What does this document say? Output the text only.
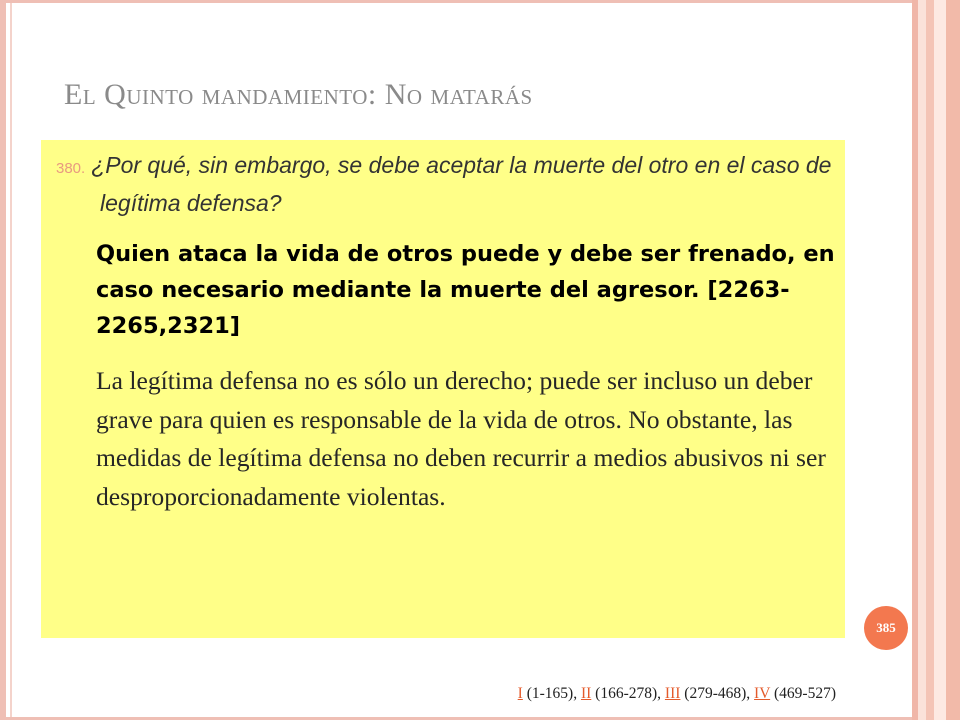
El Quinto mandamiento: No matarás

380. ¿Por qué, sin embargo, se debe aceptar la muerte del otro en el caso de legítima defensa?

Quien ataca la vida de otros puede y debe ser frenado, en caso necesario mediante la muerte del agresor. [2263-2265,2321]

La legítima defensa no es sólo un derecho; puede ser incluso un deber grave para quien es responsable de la vida de otros. No obstante, las medidas de legítima defensa no deben recurrir a medios abusivos ni ser desproporcionadamente violentas.

385

I (1-165), II (166-278), III (279-468), IV (469-527)
